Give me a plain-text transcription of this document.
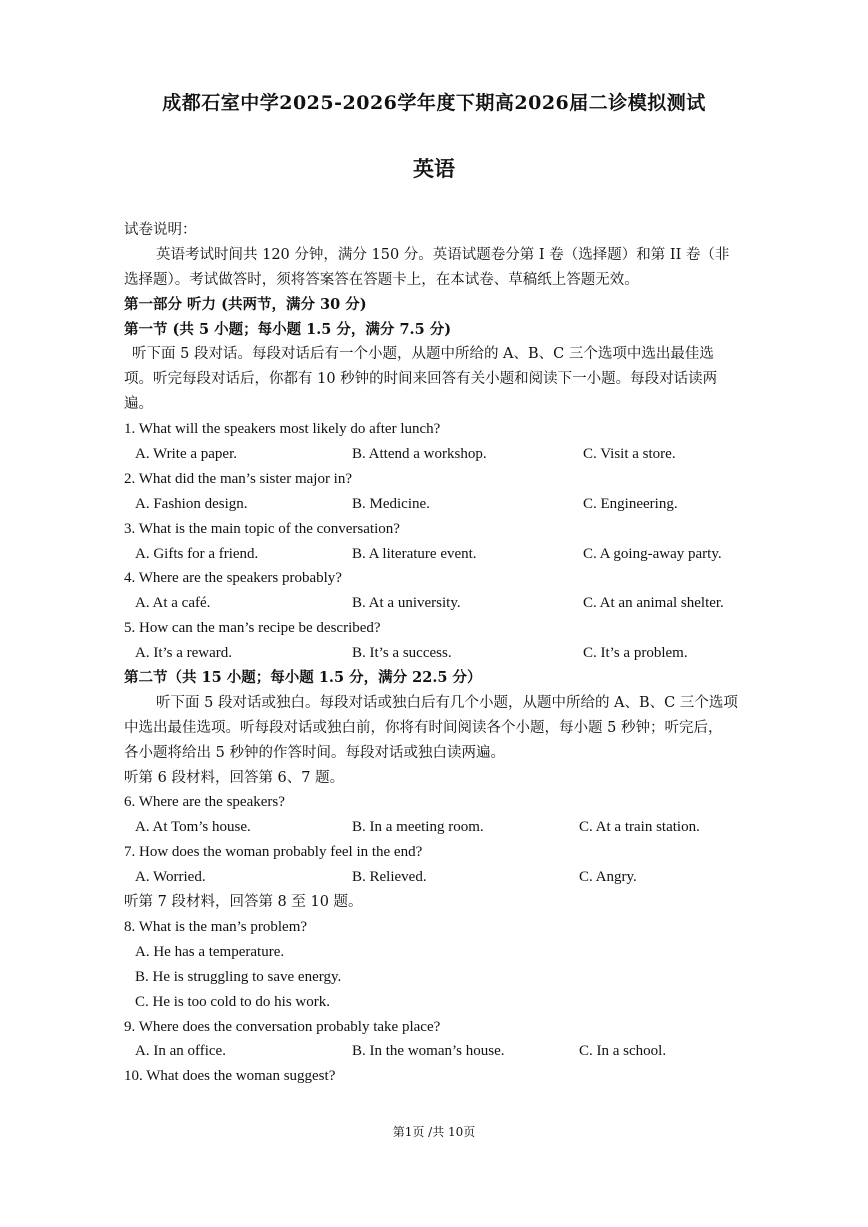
成都石室中学2025-2026学年度下期高2026届二诊模拟测试
英语
试卷说明：
英语考试时间共 120 分钟，满分 150 分。英语试题卷分第 I 卷（选择题）和第 II 卷（非
选择题）。考试做答时，须将答案答在答题卡上，在本试卷、草稿纸上答题无效。
第一部分 听力 (共两节，满分 30 分)
第一节 (共 5 小题；每小题 1.5 分，满分 7.5 分)
听下面 5 段对话。每段对话后有一个小题，从题中所给的 A、B、C 三个选项中选出最佳选
项。听完每段对话后，你都有 10 秒钟的时间来回答有关小题和阅读下一小题。每段对话读两
遍。
1. What will the speakers most likely do after lunch?
A. Write a paper.	B. Attend a workshop.	C. Visit a store.
2. What did the man’s sister major in?
A. Fashion design.	B. Medicine.	C. Engineering.
3. What is the main topic of the conversation?
A. Gifts for a friend.	B. A literature event.	C. A going-away party.
4. Where are the speakers probably?
A. At a café.	B. At a university.	C. At an animal shelter.
5. How can the man’s recipe be described?
A. It’s a reward.	B. It’s a success.	C. It’s a problem.
第二节（共 15 小题；每小题 1.5 分，满分 22.5 分）
听下面 5 段对话或独白。每段对话或独白后有几个小题，从题中所给的 A、B、C 三个选项
中选出最佳选项。听每段对话或独白前，你将有时间阅读各个小题，每小题 5 秒钟；听完后，
各小题将给出 5 秒钟的作答时间。每段对话或独白读两遍。
听第 6 段材料，回答第 6、7 题。
6. Where are the speakers?
A. At Tom’s house.	B. In a meeting room.	C. At a train station.
7. How does the woman probably feel in the end?
A. Worried.	B. Relieved.	C. Angry.
听第 7 段材料，回答第 8 至 10 题。
8. What is the man’s problem?
A. He has a temperature.
B. He is struggling to save energy.
C. He is too cold to do his work.
9. Where does the conversation probably take place?
A. In an office.	B. In the woman’s house.	C. In a school.
10. What does the woman suggest?
第1页 /共 10页
